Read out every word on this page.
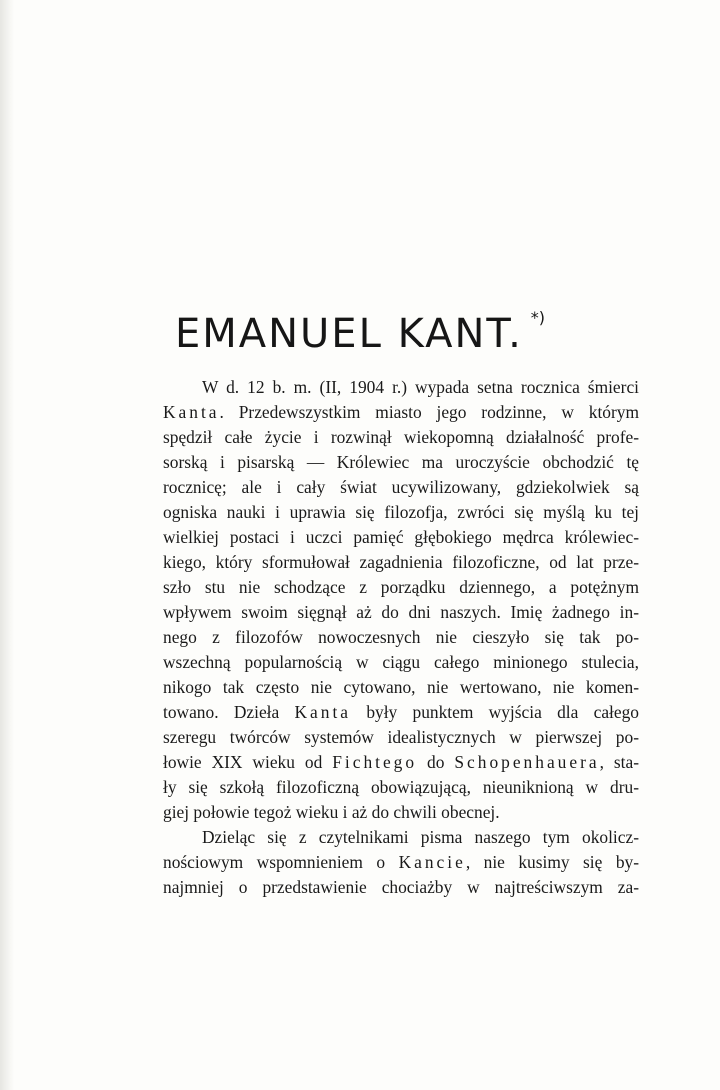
EMANUEL KANT. *)
W d. 12 b. m. (II, 1904 r.) wypada setna rocznica śmierci
Kanta. Przedewszystkim miasto jego rodzinne, w którym
spędził całe życie i rozwinął wiekopomną działalność profe-
sorską i pisarską — Królewiec ma uroczyście obchodzić tę
rocznicę; ale i cały świat ucywilizowany, gdziekolwiek są
ogniska nauki i uprawia się filozofja, zwróci się myślą ku tej
wielkiej postaci i uczci pamięć głębokiego mędrca królewiec-
kiego, który sformułował zagadnienia filozoficzne, od lat prze-
szło stu nie schodzące z porządku dziennego, a potężnym
wpływem swoim sięgnął aż do dni naszych. Imię żadnego in-
nego z filozofów nowoczesnych nie cieszyło się tak po-
wszechną popularnością w ciągu całego minionego stulecia,
nikogo tak często nie cytowano, nie wertowano, nie komen-
towano. Dzieła Kanta były punktem wyjścia dla całego
szeregu twórców systemów idealistycznych w pierwszej po-
łowie XIX wieku od Fichtego do Schopenhauera, sta-
ły się szkołą filozoficzną obowiązującą, nieuniknioną w dru-
giej połowie tegoż wieku i aż do chwili obecnej.
Dzieląc się z czytelnikami pisma naszego tym okolicz-
nościowym wspomnieniem o Kancie, nie kusimy się by-
najmniej o przedstawienie chociażby w najtreściwszym za-
